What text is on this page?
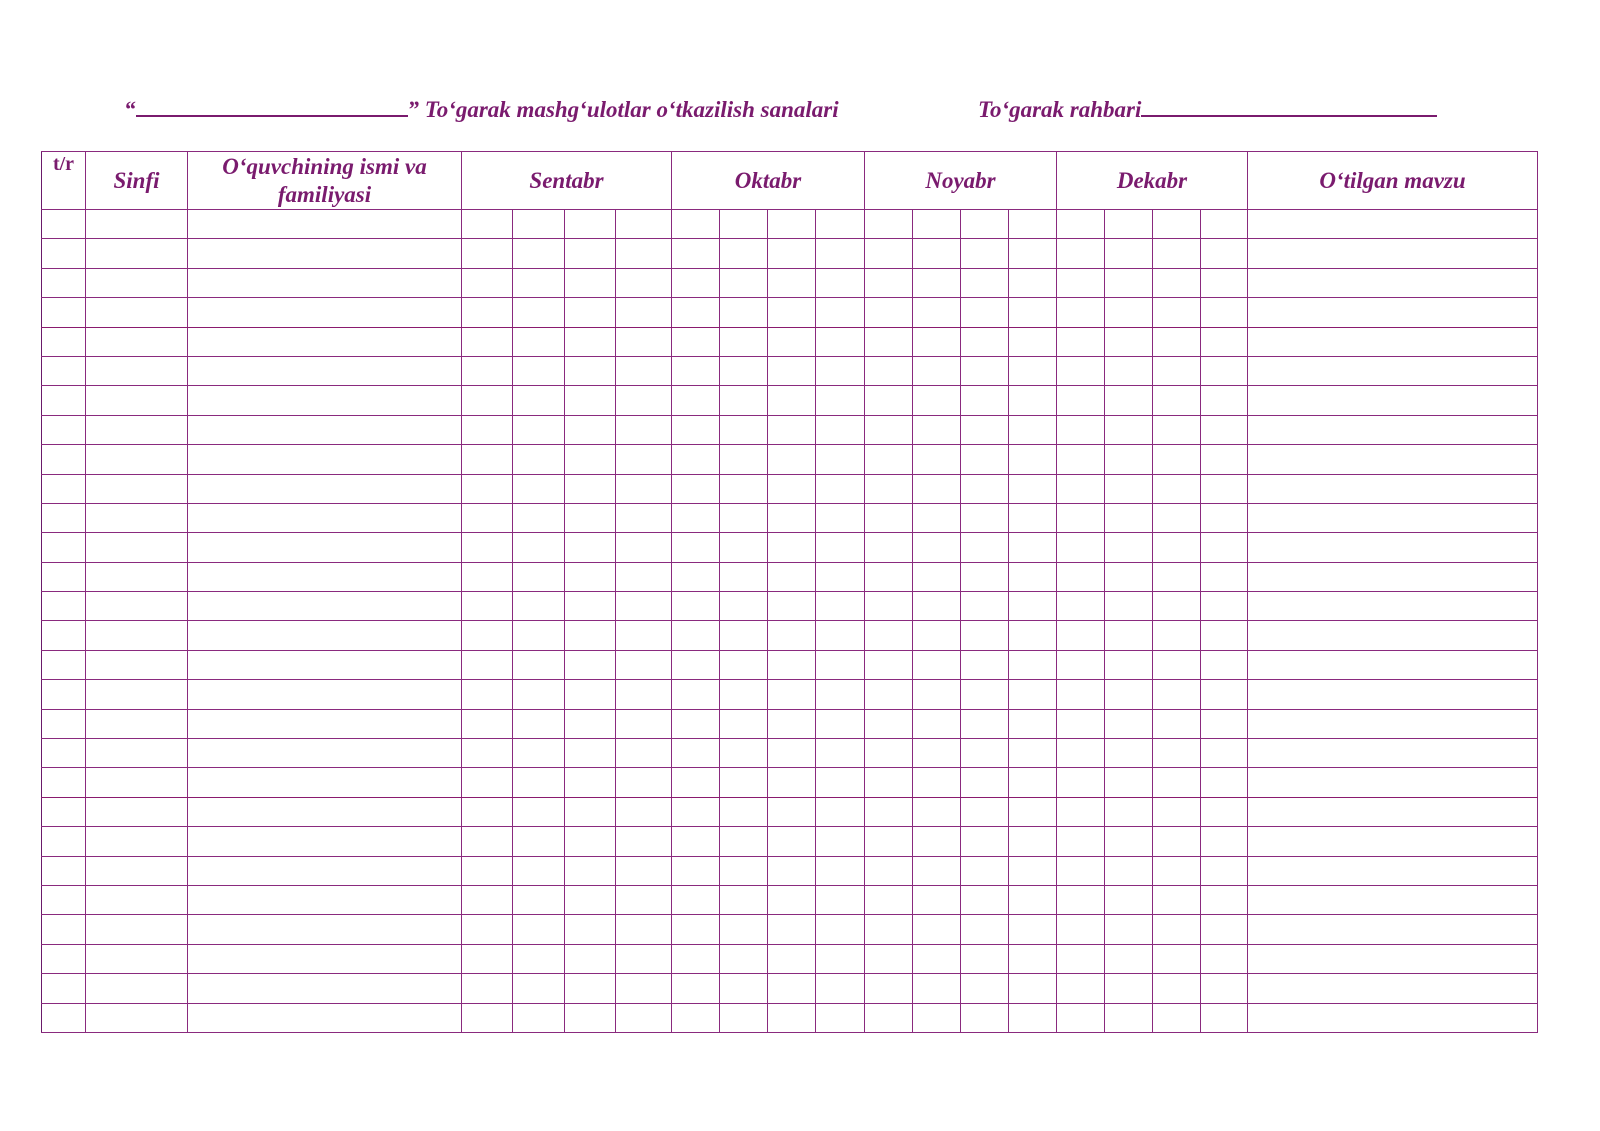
“	” To‘garak mashg‘ulotlar o‘tkazilish sanalari	To‘garak rahbari
t/r	Sinfi	O‘quvchining ismi va familiyasi	Sentabr				Oktabr				Noyabr				Dekabr				O‘tilgan mavzu
